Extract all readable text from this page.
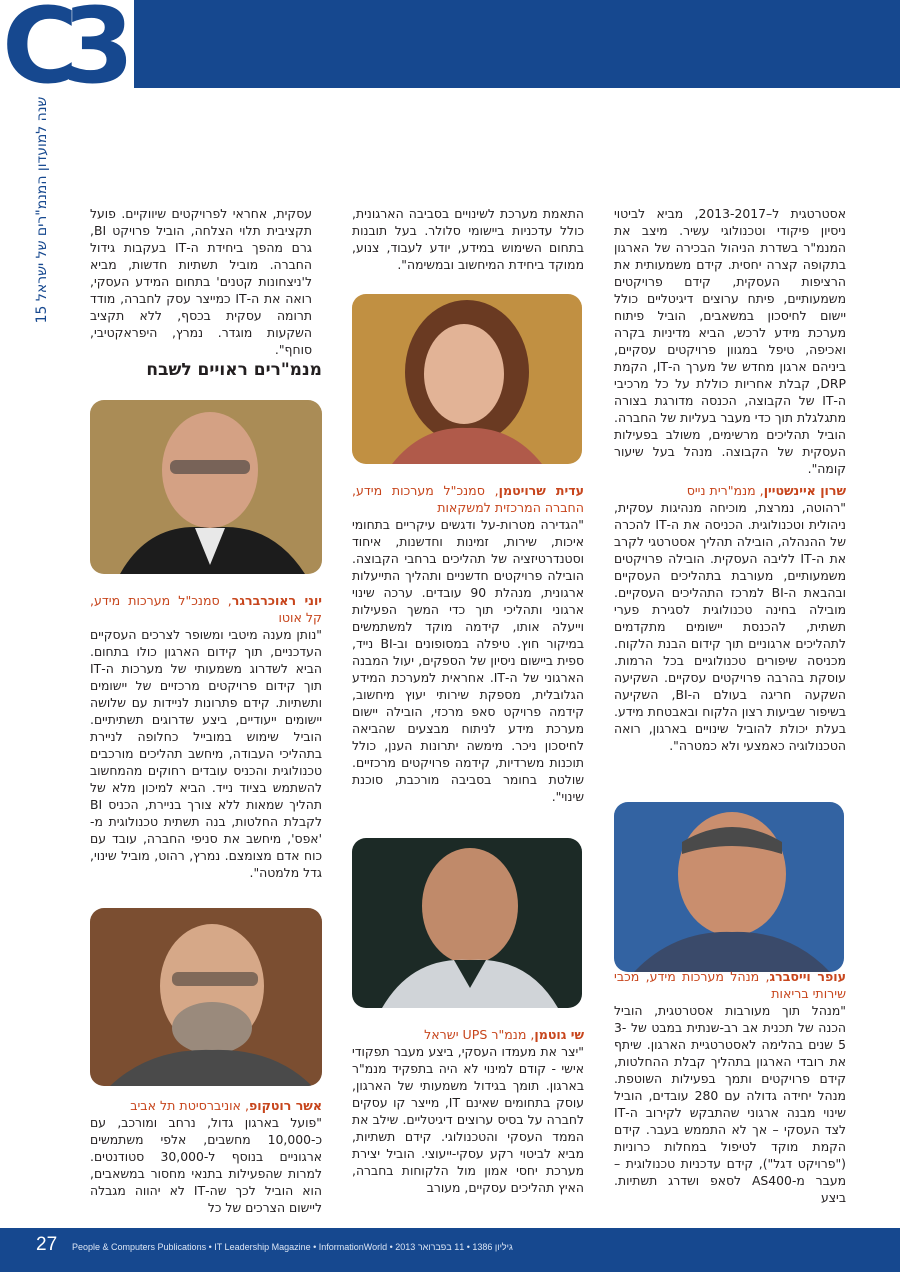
C
3
15 שנה למועדון המנמ"רים של ישראל	עסקית, אחראי לפרויקטים שיווקיים. פועל תקציבית תלוי הצלחה, הוביל פרויקט BI, גרם מהפך ביחידת ה-IT בעקבות גידול החברה. מוביל תשתיות חדשות, מביא ל'ניצחונות קטנים' בתחום המידע העסקי, רואה את ה-IT כמייצר עסק לחברה, מודד תרומה עסקית בכסף, ללא תקציב השקעות מוגדר. נמרץ, היפראקטיבי, סוחף".

מנמ"רים ראויים לשבח

יוני ראוכרברגר, סמנכ"ל מערכות מידע, קל אוטו

"נותן מענה מיטבי ומשופר לצרכים העסקיים העדכניים, תוך קידום הארגון כולו בתחום. הביא לשדרוג משמעותי של מערכות ה-IT תוך קידום פרויקטים מרכזיים של יישומים ותשתיות. קידם פתרונות לניידות עם שלושה יישומים ייעודיים, ביצע שדרוגים תשתיתיים. הוביל שימוש במובייל כחלופה לניירת בתהליכי העבודה, מיחשב תהליכים מורכבים טכנולוגית והכניס עובדים רחוקים מהמחשוב להשתמש בציוד נייד. הביא למיכון מלא של תהליך שמאות ללא צורך בניירת, הכניס BI לקבלת החלטות, בנה תשתית טכנולוגית מ-'אפס', מיחשב את סניפי החברה, עובד עם כוח אדם מצומצם. נמרץ, רהוט, מוביל שינוי, גדל מלמטה".

אשר רוטקופ, אוניברסיטת תל אביב

"פועל בארגון גדול, נרחב ומורכב, עם כ-10,000 מחשבים, אלפי משתמשים ארגוניים בנוסף ל-30,000 סטודנטים. למרות שהפעילות בתנאי מחסור במשאבים, הוא הוביל לכך שה-IT לא יהווה מגבלה ליישום הצרכים של כל

התאמת מערכת לשינויים בסביבה הארגונית, כולל עדכניות ביישומי סלולר. בעל תובנות בתחום השימוש במידע, יודע לעבוד, צנוע, ממוקד ביחידת המיחשוב ובמשימה".

עדית שרויטמן, סמנכ"ל מערכות מידע, החברה המרכזית למשקאות

"הגדירה מטרות-על ודגשים עיקריים בתחומי איכות, שירות, זמינות וחדשנות, איחוד וסטנדרטיזציה של תהליכים ברחבי הקבוצה. הובילה פרויקטים חדשניים ותהליך התייעלות ארגונית, מנהלת 90 עובדים. ערכה שינוי ארגוני ותהליכי תוך כדי המשך הפעילות וייעלה אותו, קידמה מוקד למשתמשים במיקור חוץ. טיפלה במסופונים וב-BI נייד, ספית ביישום ניסיון של הספקים, יעול המבנה הארגוני של ה-IT. אחראית למערכת המידע הגלובלית, מספקת שירותי יעוץ מיחשוב, קידמה פרויקט סאפ מרכזי, הובילה יישום מערכת מידע לניתוח מבצעים שהביאה לחיסכון ניכר. מימשה יתרונות הענן, כולל תוכנות משרדיות, קידמה פרויקטים מרכזיים. שולטת בחומר בסביבה מורכבת, סוכנת שינוי".

שי גוטמן, מנמ"ר UPS ישראל

"יצר את מעמדו העסקי, ביצע מעבר תפקודי אישי - קודם למינוי לא היה בתפקיד מנמ"ר בארגון. תומך בגידול משמעותי של הארגון, עוסק בתחומים שאינם IT, מייצר קו עסקים לחברה על בסיס ערוצים דיגיטליים. שילב את הממד העסקי והטכנולוגי. קידם תשתיות, מביא לביטוי רקע עסקי-ייעוצי. הוביל יצירת מערכת יחסי אמון מול הלקוחות בחברה, האיץ תהליכים עסקיים, מעורב

אסטרטגית ל–2013-2017, מביא לביטוי ניסיון פיקודי וטכנולוגי עשיר. מיצב את המנמ"ר בשדרת הניהול הבכירה של הארגון בתקופה קצרה יחסית. קידם משמעותית את הרציפות העסקית, קידם פרויקטים משמעותיים, פיתח ערוצים דיגיטליים כולל יישום לחיסכון במשאבים, הוביל פיתוח מערכת מידע לרכש, הביא מדיניות בקרה ואכיפה, טיפל במגוון פרויקטים עסקיים, ביניהם ארגון מחדש של מערך ה-IT, הקמת DRP, קבלת אחריות כוללת על כל מרכיבי ה-IT של הקבוצה, הכנסה מדורגת בצורה מתגלגלת תוך כדי מעבר בעליות של החברה. הוביל תהליכים מרשימים, משולב בפעילות העסקית של הקבוצה. מנהל בעל שיעור קומה".

שרון איינשטיין, מנמ"רית נייס

"רהוטה, נמרצת, מוכיחה מנהיגות עסקית, ניהולית וטכנולוגית. הכניסה את ה-IT להכרה של ההנהלה, הובילה תהליך אסטרטגי לקרב את ה-IT לליבה העסקית. הובילה פרויקטים משמעותיים, מעורבת בתהליכים העסקיים ובהבאת ה-BI למרכז התהליכים העסקיים. מובילה בחינה טכנולוגית לסגירת פערי תשתית, להכנסת יישומים מתקדמים לתהליכים ארגוניים תוך קידום הבנת הלקוח. מכניסה שיפורים טכנולוגיים בכל הרמות. עוסקת בהרבה פרויקטים עסקיים. השקיעה השקעה חריגה בעולם ה-BI, השקיעה בשיפור שביעות רצון הלקוח ובאבטחת מידע. בעלת יכולת להוביל שינויים בארגון, רואה הטכנולוגיה כאמצעי ולא כמטרה".

עופר וייסברג, מנהל מערכות מידע, מכבי שירותי בריאות

"מנהל תוך מעורבות אסטרטגית, הוביל הכנה של תכנית אב רב-שנתית במבט של 3-5 שנים בהלימה לאסטרטגיית הארגון. שיתף את רובדי הארגון בתהליך קבלת ההחלטות, קידם פרויקטים ותמך בפעילות השוטפת. מנהל יחידה גדולה עם 280 עובדים, הוביל שינוי מבנה ארגוני שהתבקש לקירוב ה-IT לצד העסקי – אך לא התממש בעבר. קידם הקמת מוקד לטיפול במחלות כרוניות ("פרויקט דגל"), קידם עדכניות טכנולוגית – מעבר מ-AS400 לסאפ ושדרג תשתיות. ביצע

27 People & Computers Publications • IT Leadership Magazine • InformationWorld • 2013 גיליון 1386 • 11 בפברואר
